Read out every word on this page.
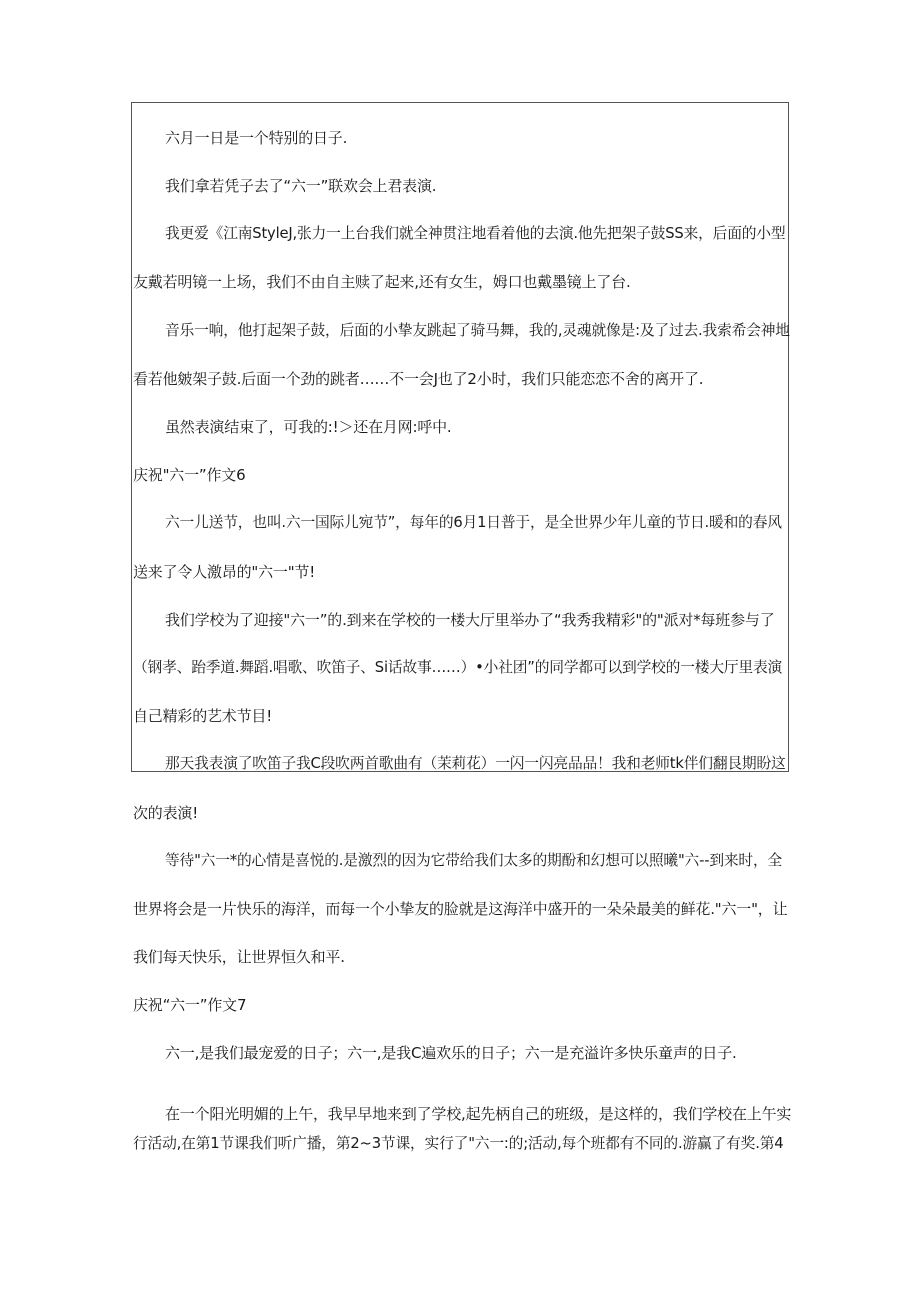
六月一日是一个特别的日子.
我们拿若凭子去了“六一”联欢会上君表演.
我更爱《江南StyleJ,张力一上台我们就全神贯注地看着他的去演.他先把架子鼓SS来，后面的小型
友戴若明镜一上场，我们不由自主赎了起来,还有女生，姆口也戴墨镜上了台.
音乐一响，他打起架子鼓，后面的小挚友跳起了骑马舞，我的,灵魂就像是:及了过去.我索希会神地
看若他皴架子鼓.后面一个劲的跳者……不一会J也了2小时，我们只能恋恋不舍的离开了.
虽然表演结束了，可我的:!＞还在月网:呼中.
庆祝"六一”作文6
六一儿送节，也叫.六一国际儿宛节”，每年的6月1日普于，是全世界少年儿童的节日.暖和的春风
送来了令人激昂的"六一"节!
我们学校为了迎接"六一”的.到来在学校的一楼大厅里举办了“我秀我精彩"的"派对*每班参与了
（钢孝、跆季道.舞蹈.唱歌、吹笛子、Si话故事……）•小社团”的同学都可以到学校的一楼大厅里表演
自己精彩的艺术节目!
那天我表演了吹笛子我C段吹两首歌曲有（茉莉花）一闪一闪亮品品！我和老师tk伴们翻艮期盼这
次的表演!
等待"六一*的心情是喜悦的.是激烈的因为它带给我们太多的期酚和幻想可以照曦"六--到来时，全
世界将会是一片快乐的海洋，而每一个小挚友的脸就是这海洋中盛开的一朵朵最美的鲜花."六一"，让
我们每天快乐，让世界恒久和平.
庆祝“六一”作文7
六一,是我们最宠爱的日子；六一,是我C遍欢乐的日子；六一是充溢许多快乐童声的日子.
在一个阳光明媚的上午，我早早地来到了学校,起先柄自己的班级，是这样的，我们学校在上午实
行活动,在第1节课我们听广播，第2~3节课，实行了"六一:的;活动,每个班都有不同的.游赢了有奖.第4
